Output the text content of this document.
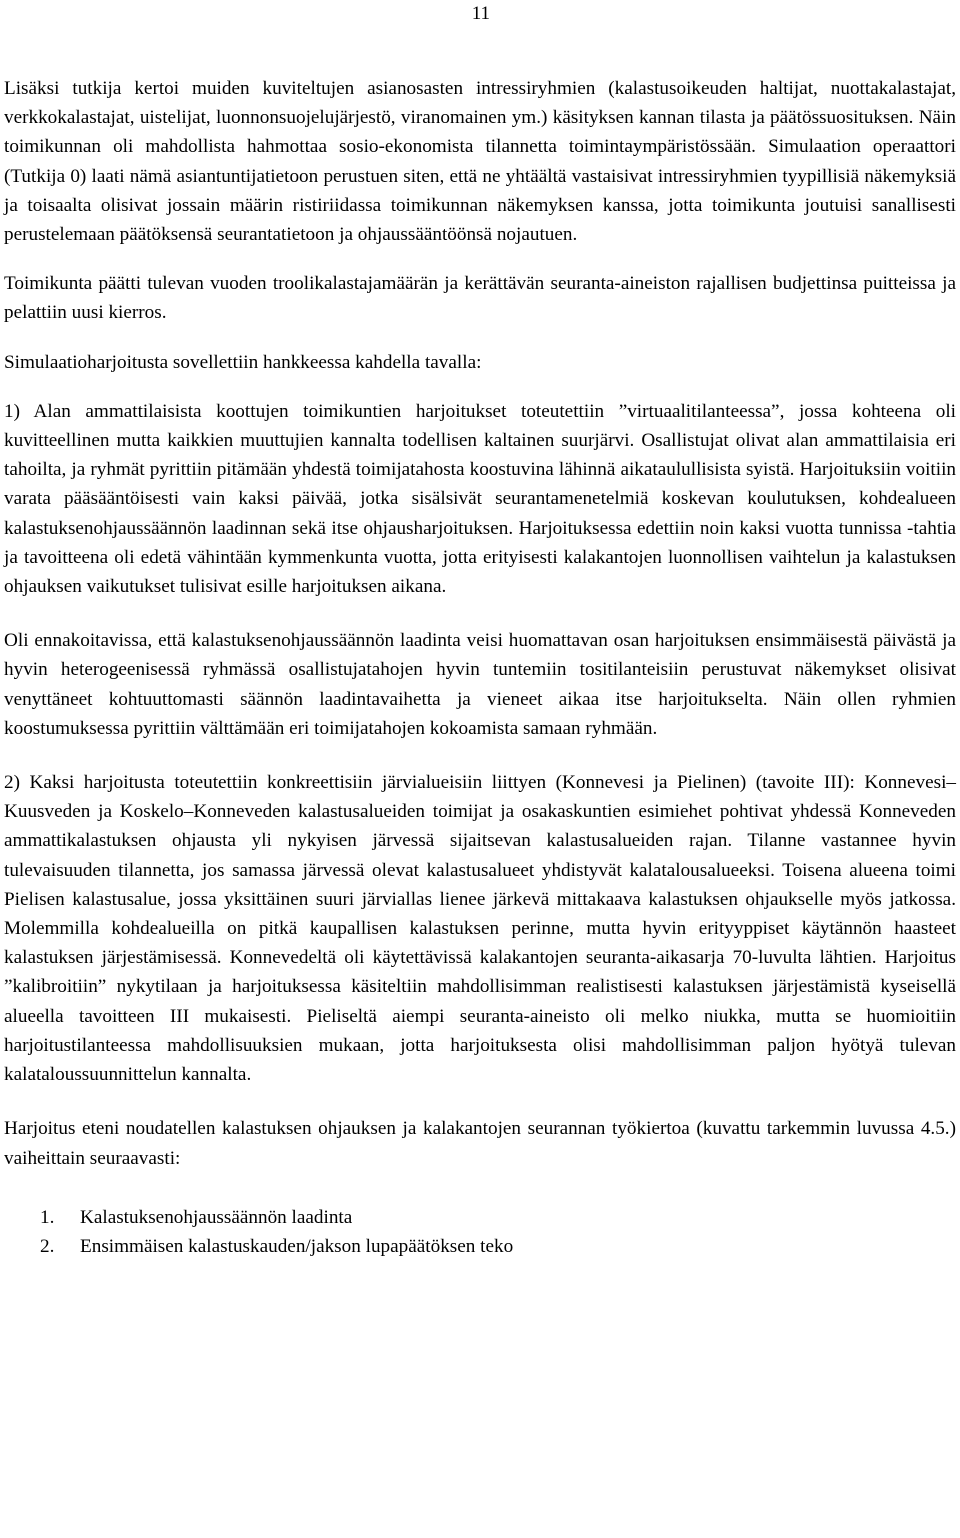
11

Lisäksi tutkija kertoi muiden kuviteltujen asianosasten intressiryhmien (kalastusoikeuden haltijat, nuottakalastajat, verkkokalastajat, uistelijat, luonnonsuojelujärjestö, viranomainen ym.) käsityksen kannan tilasta ja päätössuosituksen. Näin toimikunnan oli mahdollista hahmottaa sosio-ekonomista tilannetta toimintaympäristössään. Simulaation operaattori (Tutkija 0) laati nämä asiantuntijatietoon perustuen siten, että ne yhtäältä vastaisivat intressiryhmien tyypillisiä näkemyksiä ja toisaalta olisivat jossain määrin ristiriidassa toimikunnan näkemyksen kanssa, jotta toimikunta joutuisi sanallisesti perustelemaan päätöksensä seurantatietoon ja ohjaussääntöönsä nojautuen.

Toimikunta päätti tulevan vuoden troolikalastajamäärän ja kerättävän seuranta-aineiston rajallisen budjettinsa puitteissa ja pelattiin uusi kierros.

Simulaatioharjoitusta sovellettiin hankkeessa kahdella tavalla:

1) Alan ammattilaisista koottujen toimikuntien harjoitukset toteutettiin ”virtuaalitilanteessa”, jossa kohteena oli kuvitteellinen mutta kaikkien muuttujien kannalta todellisen kaltainen suurjärvi. Osallistujat olivat alan ammattilaisia eri tahoilta, ja ryhmät pyrittiin pitämään yhdestä toimijatahosta koostuvina lähinnä aikataulullisista syistä. Harjoituksiin voitiin varata pääsääntöisesti vain kaksi päivää, jotka sisälsivät seurantamenetelmiä koskevan koulutuksen, kohdealueen kalastuksenohjaussäännön laadinnan sekä itse ohjausharjoituksen. Harjoituksessa edettiin noin kaksi vuotta tunnissa -tahtia ja tavoitteena oli edetä vähintään kymmenkunta vuotta, jotta erityisesti kalakantojen luonnollisen vaihtelun ja kalastuksen ohjauksen vaikutukset tulisivat esille harjoituksen aikana.

Oli ennakoitavissa, että kalastuksenohjaussäännön laadinta veisi huomattavan osan harjoituksen ensimmäisestä päivästä ja hyvin heterogeenisessä ryhmässä osallistujatahojen hyvin tuntemiin tositilanteisiin perustuvat näkemykset olisivat venyttäneet kohtuuttomasti säännön laadintavaihetta ja vieneet aikaa itse harjoitukselta. Näin ollen ryhmien koostumuksessa pyrittiin välttämään eri toimijatahojen kokoamista samaan ryhmään.

2) Kaksi harjoitusta toteutettiin konkreettisiin järvialueisiin liittyen (Konnevesi ja Pielinen) (tavoite III): Konnevesi–Kuusveden ja Koskelo–Konneveden kalastusalueiden toimijat ja osakaskuntien esimiehet pohtivat yhdessä Konneveden ammattikalastuksen ohjausta yli nykyisen järvessä sijaitsevan kalastusalueiden rajan. Tilanne vastannee hyvin tulevaisuuden tilannetta, jos samassa järvessä olevat kalastusalueet yhdistyvät kalatalousalueeksi. Toisena alueena toimi Pielisen kalastusalue, jossa yksittäinen suuri järviallas lienee järkevä mittakaava kalastuksen ohjaukselle myös jatkossa. Molemmilla kohdealueilla on pitkä kaupallisen kalastuksen perinne, mutta hyvin erityyppiset käytännön haasteet kalastuksen järjestämisessä. Konnevedeltä oli käytettävissä kalakantojen seuranta-aikasarja 70-luvulta lähtien. Harjoitus ”kalibroitiin” nykytilaan ja harjoituksessa käsiteltiin mahdollisimman realistisesti kalastuksen järjestämistä kyseisellä alueella tavoitteen III mukaisesti. Pieliseltä aiempi seuranta-aineisto oli melko niukka, mutta se huomioitiin harjoitustilanteessa mahdollisuuksien mukaan, jotta harjoituksesta olisi mahdollisimman paljon hyötyä tulevan kalataloussuunnittelun kannalta.

Harjoitus eteni noudatellen kalastuksen ohjauksen ja kalakantojen seurannan työkiertoa (kuvattu tarkemmin luvussa 4.5.) vaiheittain seuraavasti:

1.	Kalastuksenohjaussäännön laadinta
2.	Ensimmäisen kalastuskauden/jakson lupapäätöksen teko
